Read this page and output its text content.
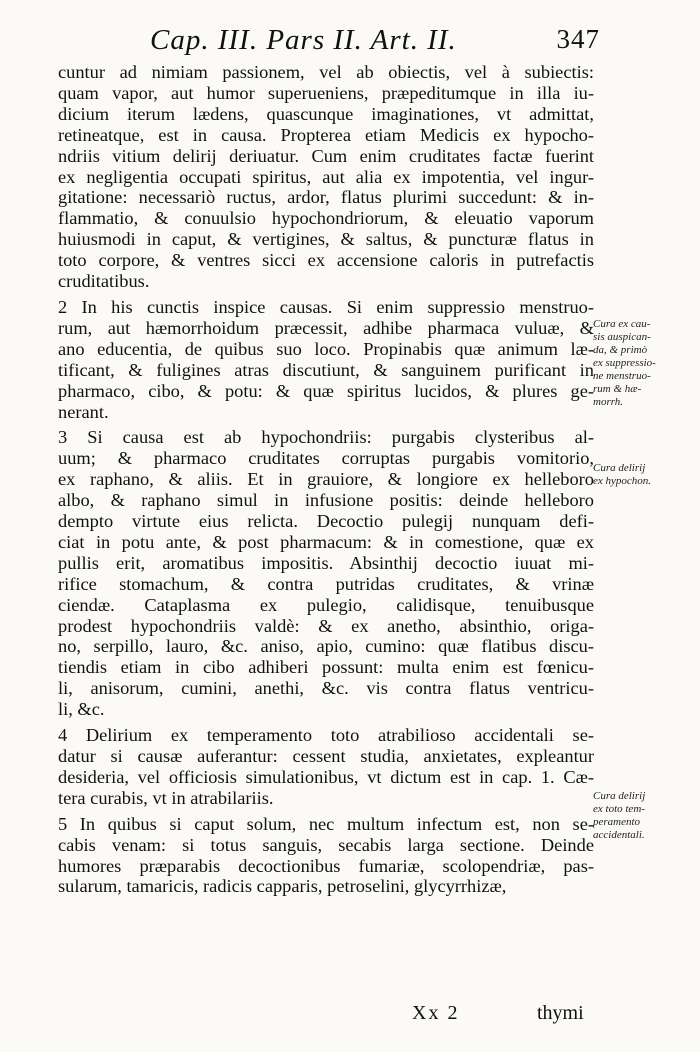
Cap. III. Pars II. Art. II.	347
cuntur ad nimiam passionem, vel ab obiectis, vel à subiectis:
quam vapor, aut humor superueniens, præpeditumque in illa iu-
dicium iterum lædens, quascunque imaginationes, vt admittat,
retineatque, est in causa. Propterea etiam Medicis ex hypocho-
ndriis vitium delirij deriuatur. Cum enim cruditates factæ fuerint
ex negligentia occupati spiritus, aut alia ex impotentia, vel ingur-
gitatione: necessariò ructus, ardor, flatus plurimi succedunt: & in-
flammatio, & conuulsio hypochondriorum, & eleuatio vaporum
huiusmodi in caput, & vertigines, & saltus, & puncturæ flatus in
toto corpore, & ventres sicci ex accensione caloris in putrefactis
cruditatibus.
2 In his cunctis inspice causas. Si enim suppressio menstruo-
rum, aut hæmorrhoidum præcessit, adhibe pharmaca vuluæ, &
ano educentia, de quibus suo loco. Propinabis quæ animum læ-
tificant, & fuligines atras discutiunt, & sanguinem purificant in
pharmaco, cibo, & potu: & quæ spiritus lucidos, & plures ge-
nerant.
3 Si causa est ab hypochondriis: purgabis clysteribus al-
uum; & pharmaco cruditates corruptas purgabis vomitorio,
ex raphano, & aliis. Et in grauiore, & longiore ex helleboro
albo, & raphano simul in infusione positis: deinde helleboro
dempto virtute eius relicta. Decoctio pulegij nunquam defi-
ciat in potu ante, & post pharmacum: & in comestione, quæ ex
pullis erit, aromatibus impositis. Absinthij decoctio iuuat mi-
rifice stomachum, & contra putridas cruditates, & vrinæ
ciendæ. Cataplasma ex pulegio, calidisque, tenuibusque
prodest hypochondriis valdè: & ex anetho, absinthio, origa-
no, serpillo, lauro, &c. aniso, apio, cumino: quæ flatibus discu-
tiendis etiam in cibo adhiberi possunt: multa enim est fœnicu-
li, anisorum, cumini, anethi, &c. vis contra flatus ventricu-
li, &c.
4 Delirium ex temperamento toto atrabiliosо accidentali se-
datur si causæ auferantur: cessent studia, anxietates, expleantur
desideria, vel officiosis simulationibus, vt dictum est in cap. 1. Cæ-
tera curabis, vt in atrabilariis.
5 In quibus si caput solum, nec multum infectum est, non se-
cabis venam: si totus sanguis, secabis larga sectione. Deinde
humores præparabis decoctionibus fumariæ, scolopendriæ, pas-
sularum, tamaricis, radicis capparis, petroselini, glycyrrhizæ,
Cura ex cau-
sis auspican-
da, & primò
ex suppressio-
ne menstruo-
rum & hæ-
morrh.
Cura delirij
ex hypochon.
Cura delirij
ex toto tem-
peramento
accidentali.
Xx 2	thymi
